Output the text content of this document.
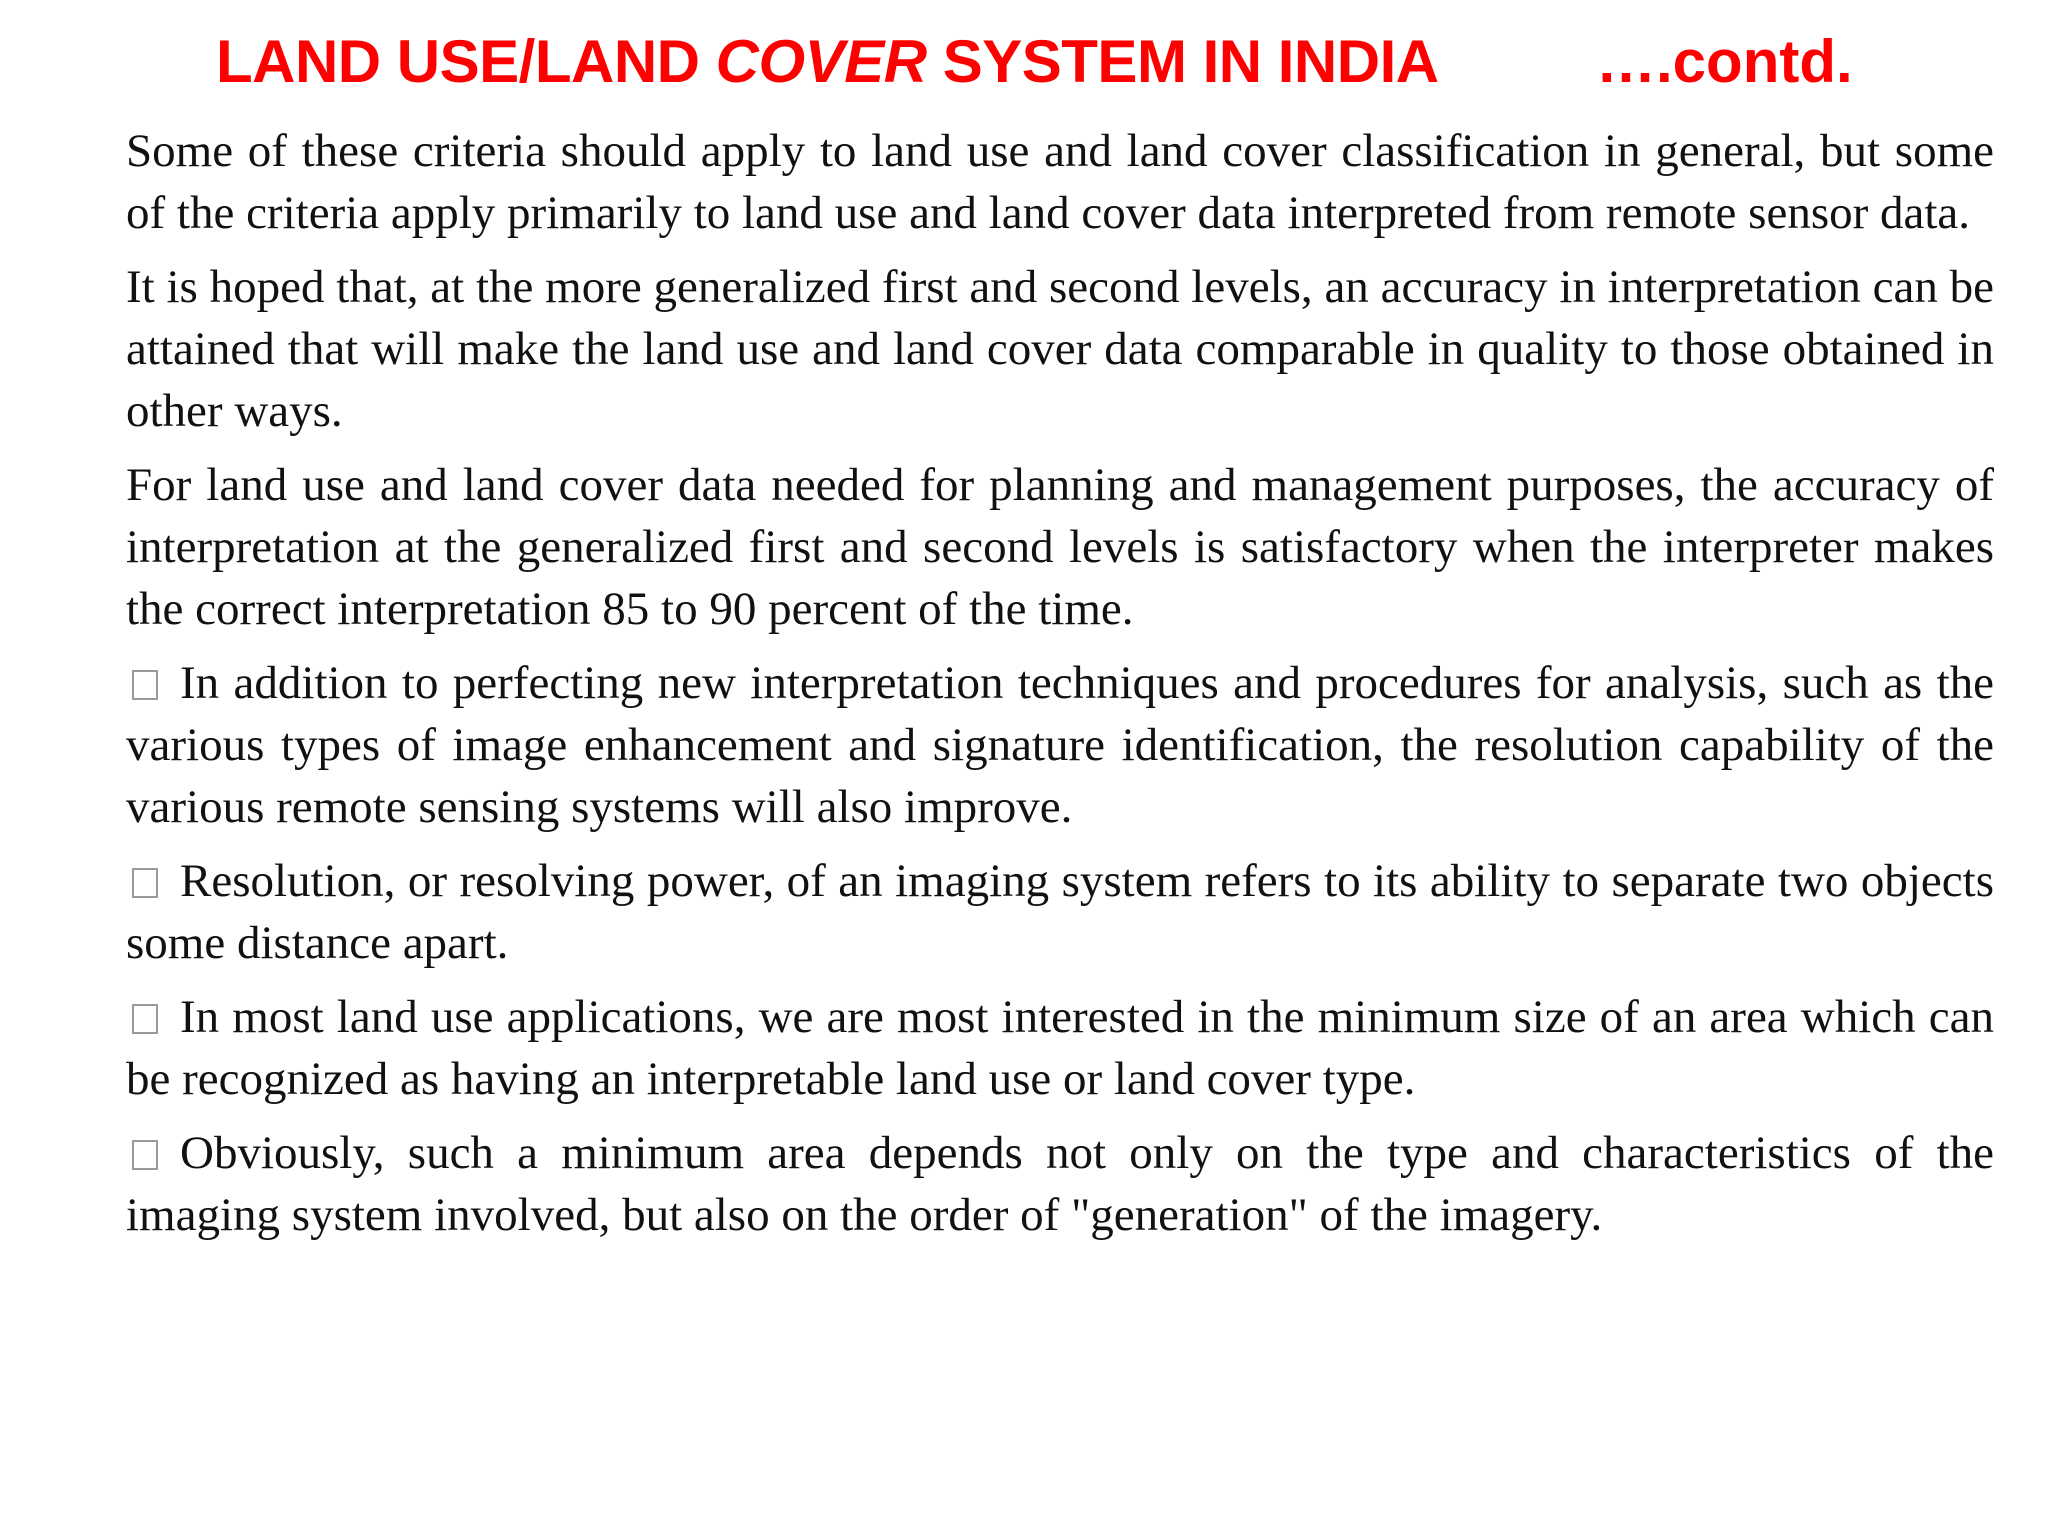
LAND USE/LAND COVER SYSTEM IN INDIA	….contd.

Some of these criteria should apply to land use and land cover classification in general, but some of the criteria apply primarily to land use and land cover data interpreted from remote sensor data.

It is hoped that, at the more generalized first and second levels, an accuracy in interpretation can be attained that will make the land use and land cover data comparable in quality to those obtained in other ways.

For land use and land cover data needed for planning and management purposes, the accuracy of interpretation at the generalized first and second levels is satisfactory when the interpreter makes the correct interpretation 85 to 90 percent of the time.

In addition to perfecting new interpretation techniques and procedures for analysis, such as the various types of image enhancement and signature identification, the resolution capability of the various remote sensing systems will also improve.

Resolution, or resolving power, of an imaging system refers to its ability to separate two objects some distance apart.

In most land use applications, we are most interested in the minimum size of an area which can be recognized as having an interpretable land use or land cover type.

Obviously, such a minimum area depends not only on the type and characteristics of the imaging system involved, but also on the order of "generation" of the imagery.
